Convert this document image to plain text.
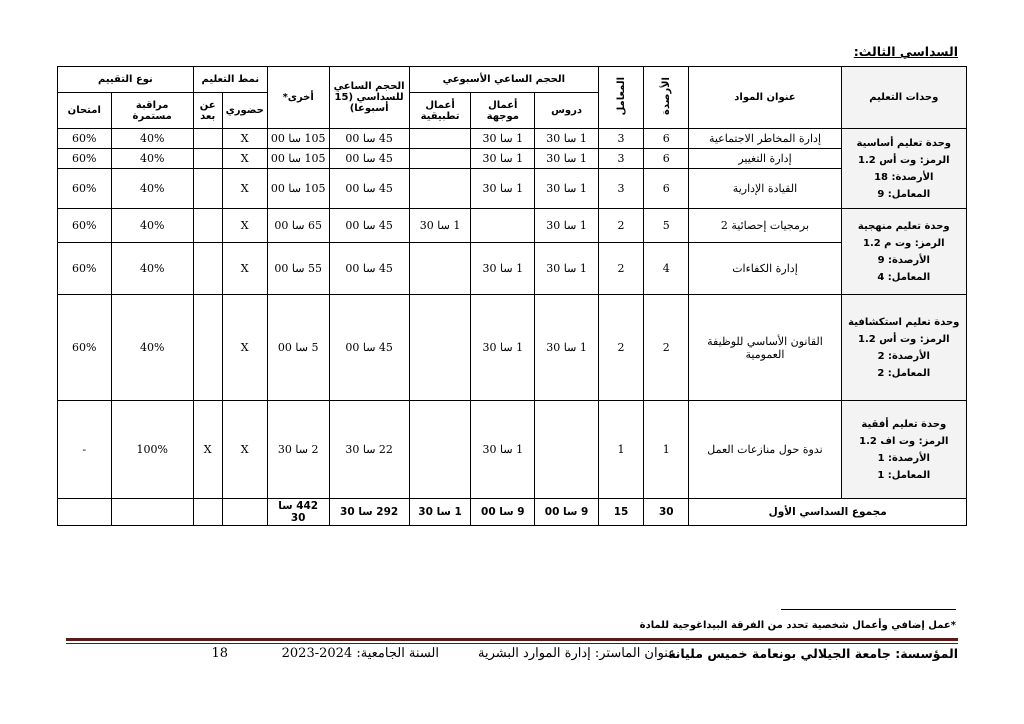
السداسي الثالث:
وحدات التعليم	عنوان المواد	الأرصدة	المعامل	الحجم الساعي الأسبوعي			الحجم الساعي للسداسي (15 أسبوعا)	أخرى*	نمط التعليم		نوع التقييم	
				دروس	أعمال موجهة	أعمال تطبيقية			حضوري	عن بعد	مراقبة مستمرة	امتحان

وحدة تعليم أساسية
الرمز: وت أس 1.2
الأرصدة: 18
المعامل: 9	إدارة المخاطر الاجتماعية	6	3	1 سا 30	1 سا 30		45 سا 00	105 سا 00	X		40%	60%
	إدارة التغيير	6	3	1 سا 30	1 سا 30		45 سا 00	105 سا 00	X		40%	60%
	القيادة الإدارية	6	3	1 سا 30	1 سا 30		45 سا 00	105 سا 00	X		40%	60%

وحدة تعليم منهجية
الرمز: وت م 1.2
الأرصدة: 9
المعامل: 4	برمجيات إحصائية 2	5	2	1 سا 30		1 سا 30	45 سا 00	65 سا 00	X		40%	60%
	إدارة الكفاءات	4	2	1 سا 30	1 سا 30		45 سا 00	55 سا 00	X		40%	60%

وحدة تعليم استكشافية
الرمز: وت أس 1.2
الأرصدة: 2
المعامل: 2	القانون الأساسي للوظيفة العمومية	2	2	1 سا 30	1 سا 30		45 سا 00	5 سا 00	X		40%	60%

وحدة تعليم أفقية
الرمز: وت اف 1.2
الأرصدة: 1
المعامل: 1	ندوة حول منازعات العمل	1	1		1 سا 30		22 سا 30	2 سا 30	X	X	100%	-
مجموع السداسي الأول		30	15	9 سا 00	9 سا 00	1 سا 30	292 سا 30	442 سا 30				
*عمل إضافي وأعمال شخصية تحدد من الفرقة البيداغوجية للمادة
المؤسسة: جامعة الجيلالي بونعامة خميس مليانة
عنوان الماستر: إدارة الموارد البشرية
السنة الجامعية: 2024-2023
18
